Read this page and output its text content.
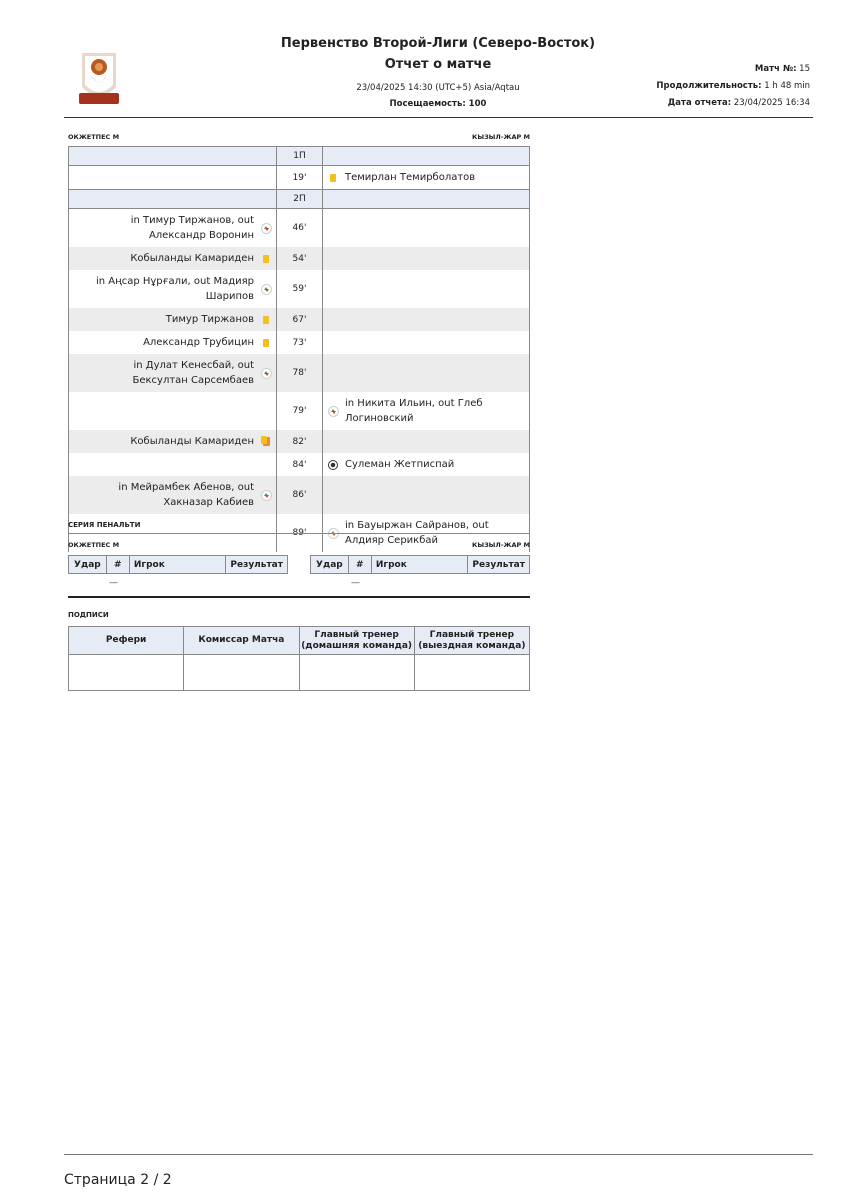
Первенство Второй-Лиги (Северо-Восток)
Отчет о матче
23/04/2025 14:30 (UTC+5) Asia/Aqtau
Посещаемость: 100
Матч №: 15
Продолжительность: 1 h 48 min
Дата отчета: 23/04/2025 16:34
ОКЖЕТПЕС М	КЫЗЫЛ-ЖАР М
	1П	

	19'	Темирлан Темирболатов

	2П	

in Тимур Тиржанов, out Александр Воронин	46'	

Кобыланды Камариден	54'	

in Аңсар Нұрғали, out Мадияр Шарипов	59'	

Тимур Тиржанов	67'	

Александр Трубицин	73'	

in Дулат Кенесбай, out Бексултан Сарсембаев	78'	

	79'	in Никита Ильин, out Глеб Логиновский

Кобыланды Камариден	82'	

	84'	Сулеман Жетписпай

in Мейрамбек Абенов, out Хакназар Кабиев	86'	

	89'	in Бауыржан Сайранов, out Алдияр Серикбай
СЕРИЯ ПЕНАЛЬТИ
ОКЖЕТПЕС М	КЫЗЫЛ-ЖАР М
Удар	#	Игрок	Результат	Удар	#	Игрок	Результат
—	—
ПОДПИСИ
Рефери	Комиссар Матча	Главный тренер
(домашняя команда)	Главный тренер
(выездная команда)

Страница 2 / 2
